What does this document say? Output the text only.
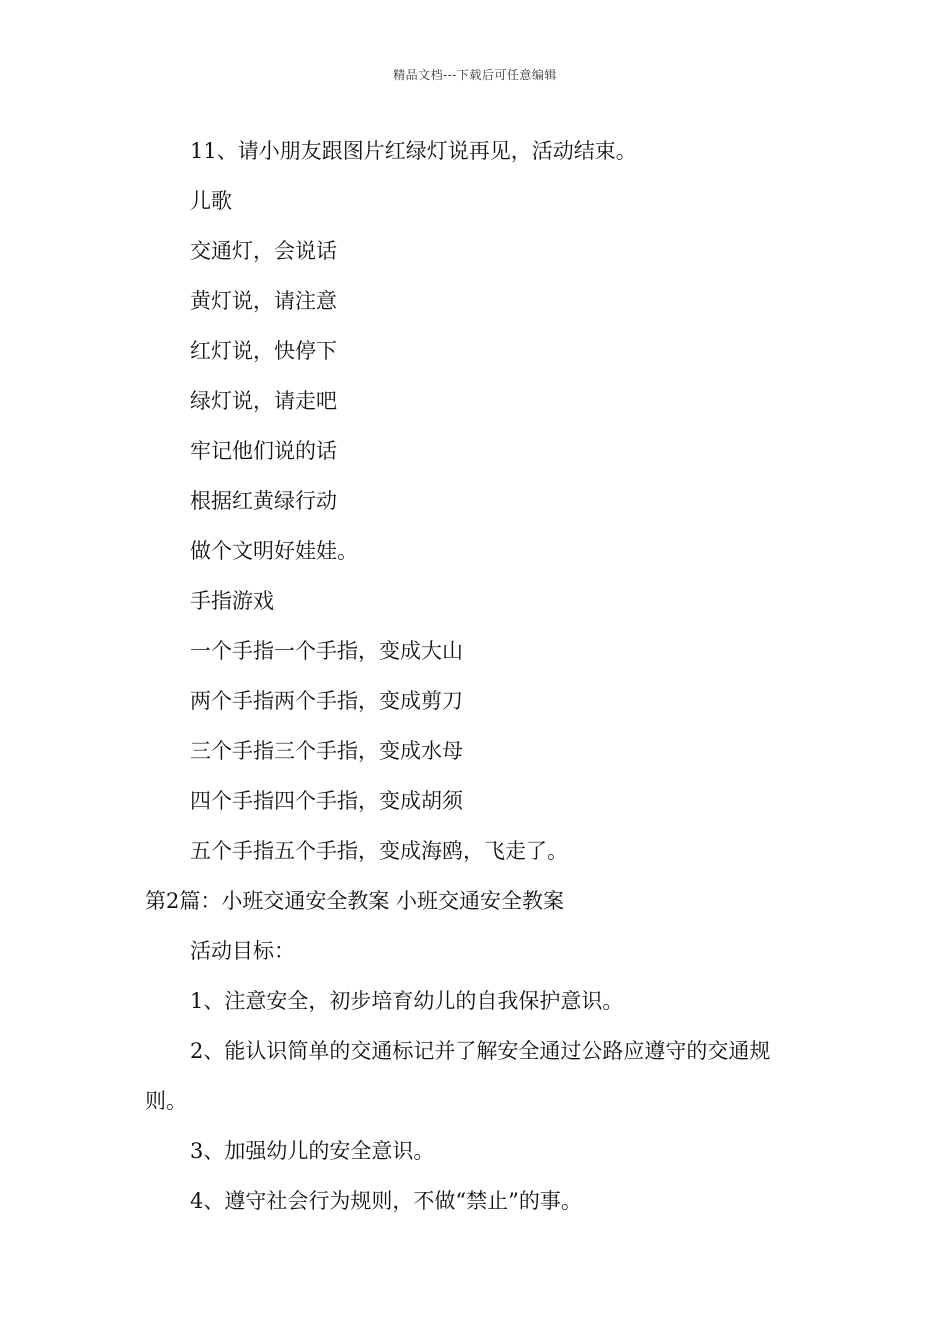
精品文档---下载后可任意编辑
11、请小朋友跟图片红绿灯说再见，活动结束。
儿歌
交通灯，会说话
黄灯说，请注意
红灯说，快停下
绿灯说，请走吧
牢记他们说的话
根据红黄绿行动
做个文明好娃娃。
手指游戏
一个手指一个手指，变成大山
两个手指两个手指，变成剪刀
三个手指三个手指，变成水母
四个手指四个手指，变成胡须
五个手指五个手指，变成海鸥，飞走了。
第2篇：小班交通安全教案 小班交通安全教案
活动目标：
1、注意安全，初步培育幼儿的自我保护意识。
2、能认识简单的交通标记并了解安全通过公路应遵守的交通规
则。
3、加强幼儿的安全意识。
4、遵守社会行为规则，不做“禁止”的事。
